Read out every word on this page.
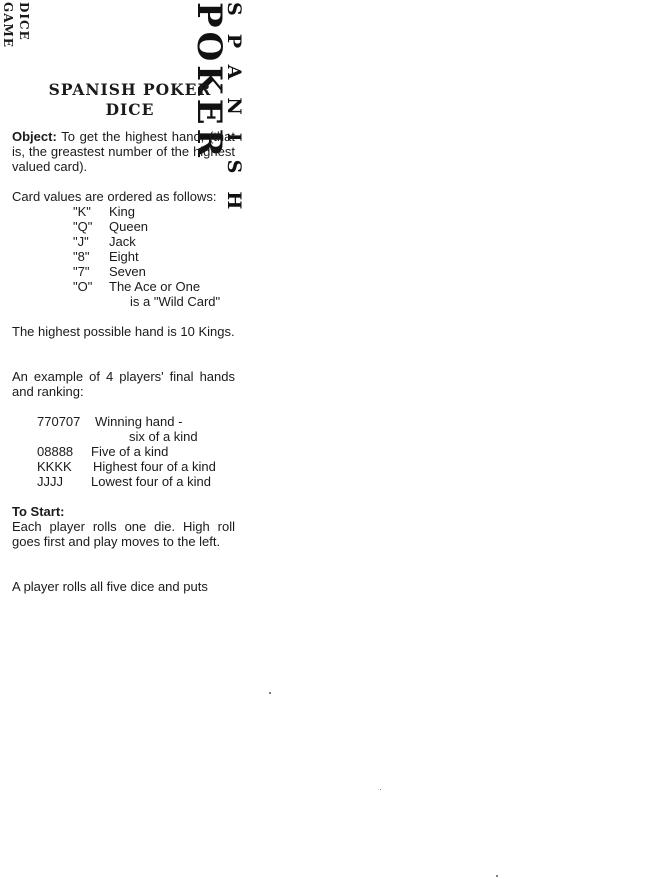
SPANISH
POKER
DICE
GAME
SPANISH POKER
DICE
Object: To get the highest hand, (that is, the greastest number of the highest valued card).
Card values are ordered as follows:
"K" King
"Q" Queen
"J" Jack
"8" Eight
"7" Seven
"O" The Ace or One
is a "Wild Card"
The highest possible hand is 10 Kings.
An example of 4 players' final hands and ranking:
770707 Winning hand -
six of a kind
08888 Five of a kind
KKKK Highest four of a kind
JJJJ Lowest four of a kind
To Start:
Each player rolls one die. High roll goes first and play moves to the left.
A player rolls all five dice and puts
